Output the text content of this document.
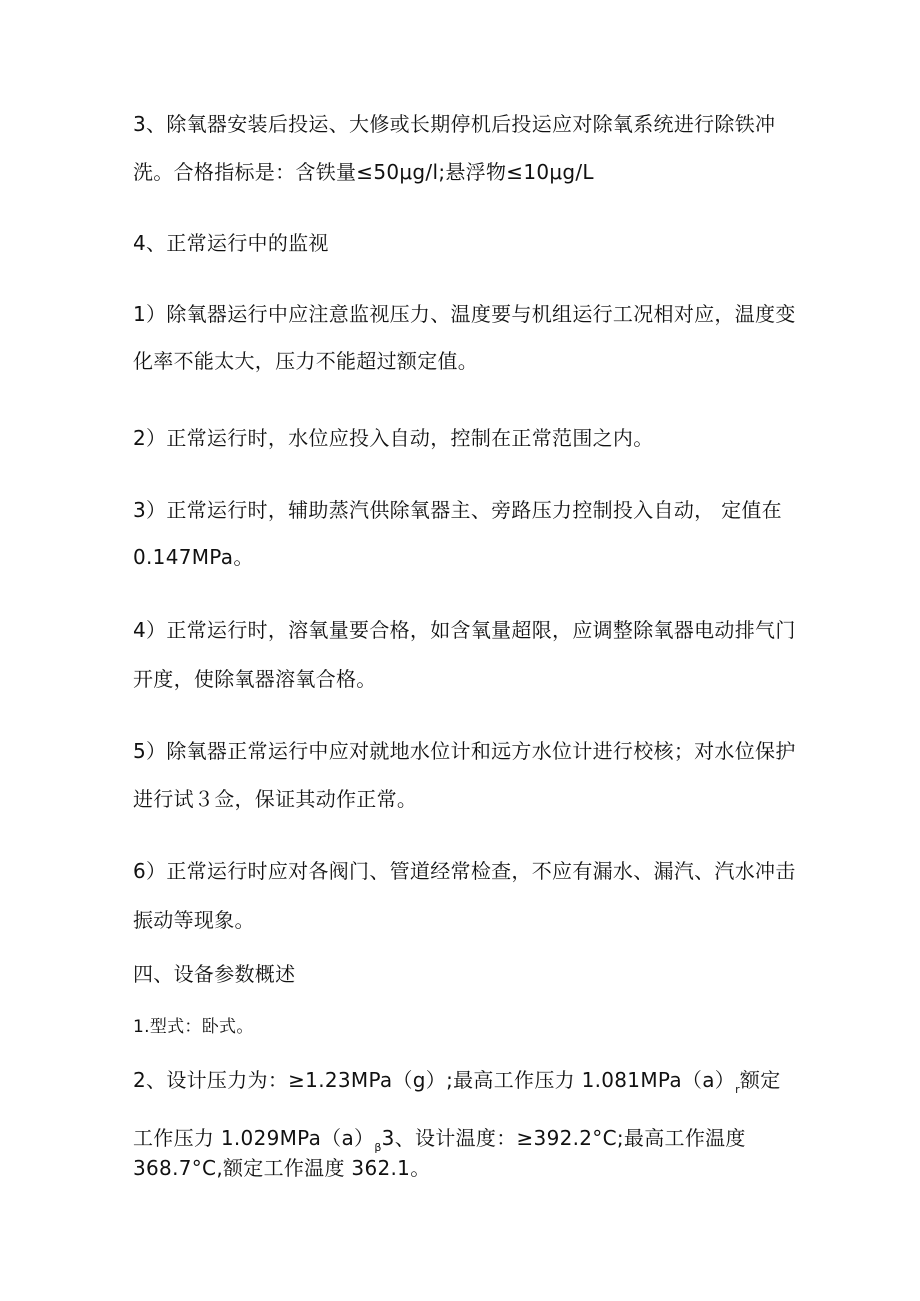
3、除氧器安装后投运、大修或长期停机后投运应对除氧系统进行除铁冲
洗。合格指标是：含铁量≤50μg/l;悬浮物≤10μg/L
4、正常运行中的监视
1）除氧器运行中应注意监视压力、温度要与机组运行工况相对应，温度变
化率不能太大，压力不能超过额定值。
2）正常运行时，水位应投入自动，控制在正常范围之内。
3）正常运行时，辅助蒸汽供除氧器主、旁路压力控制投入自动， 定值在
0.147MPa。
4）正常运行时，溶氧量要合格，如含氧量超限，应调整除氧器电动排气门
开度，使除氧器溶氧合格。
5）除氧器正常运行中应对就地水位计和远方水位计进行校核；对水位保护
进行试３佥，保证其动作正常。
6）正常运行时应对各阀门、管道经常检查，不应有漏水、漏汽、汽水冲击
振动等现象。
四、设备参数概述
1.型式：卧式。
2、设计压力为：≥1.23MPa（g）;最高工作压力 $1.081MPa(a)_r$额定
工作压力 $1.029MPa(a)_\beta 3$、设计温度：≥392.2°C;最高工作温度
368.7°C,额定工作温度 362.1。
